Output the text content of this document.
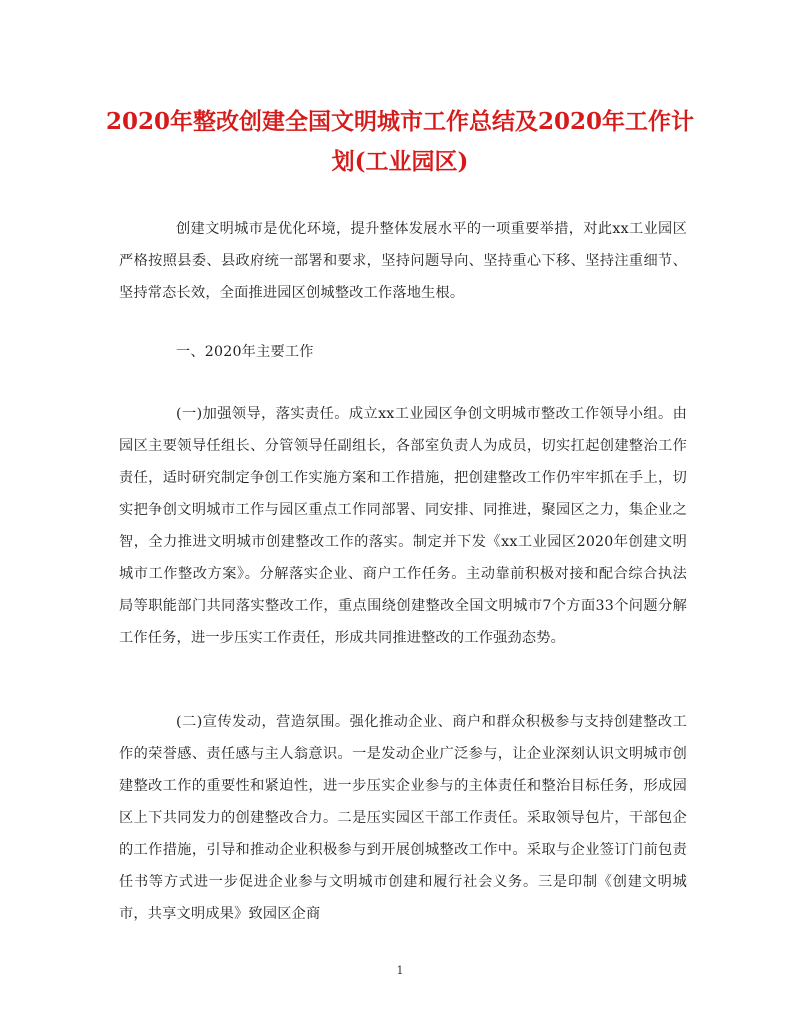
2020年整改创建全国文明城市工作总结及2020年工作计划(工业园区)

创建文明城市是优化环境，提升整体发展水平的一项重要举措，对此xx工业园区严格按照县委、县政府统一部署和要求，坚持问题导向、坚持重心下移、坚持注重细节、坚持常态长效，全面推进园区创城整改工作落地生根。

一、2020年主要工作

(一)加强领导，落实责任。成立xx工业园区争创文明城市整改工作领导小组。由园区主要领导任组长、分管领导任副组长，各部室负责人为成员，切实扛起创建整治工作责任，适时研究制定争创工作实施方案和工作措施，把创建整改工作仍牢牢抓在手上，切实把争创文明城市工作与园区重点工作同部署、同安排、同推进，聚园区之力，集企业之智，全力推进文明城市创建整改工作的落实。制定并下发《xx工业园区2020年创建文明城市工作整改方案》。分解落实企业、商户工作任务。主动靠前积极对接和配合综合执法局等职能部门共同落实整改工作，重点围绕创建整改全国文明城市7个方面33个问题分解工作任务，进一步压实工作责任，形成共同推进整改的工作强劲态势。

(二)宣传发动，营造氛围。强化推动企业、商户和群众积极参与支持创建整改工作的荣誉感、责任感与主人翁意识。一是发动企业广泛参与，让企业深刻认识文明城市创建整改工作的重要性和紧迫性，进一步压实企业参与的主体责任和整治目标任务，形成园区上下共同发力的创建整改合力。二是压实园区干部工作责任。采取领导包片，干部包企的工作措施，引导和推动企业积极参与到开展创城整改工作中。采取与企业签订门前包责任书等方式进一步促进企业参与文明城市创建和履行社会义务。三是印制《创建文明城市，共享文明成果》致园区企商

1
